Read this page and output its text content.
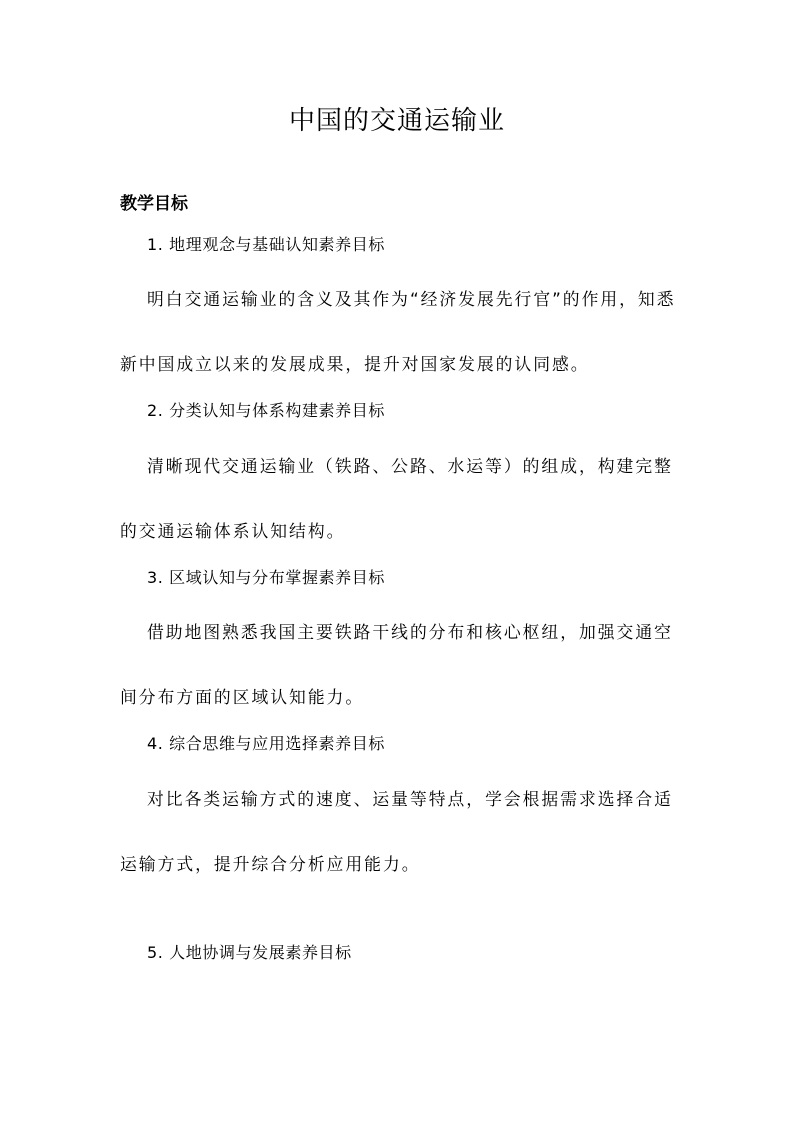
中国的交通运输业
教学目标
1. 地理观念与基础认知素养目标
明白交通运输业的含义及其作为“经济发展先行官”的作用，知悉新中国成立以来的发展成果，提升对国家发展的认同感。
2. 分类认知与体系构建素养目标
清晰现代交通运输业（铁路、公路、水运等）的组成，构建完整的交通运输体系认知结构。
3. 区域认知与分布掌握素养目标
借助地图熟悉我国主要铁路干线的分布和核心枢纽，加强交通空间分布方面的区域认知能力。
4. 综合思维与应用选择素养目标
对比各类运输方式的速度、运量等特点，学会根据需求选择合适运输方式，提升综合分析应用能力。
5. 人地协调与发展素养目标
